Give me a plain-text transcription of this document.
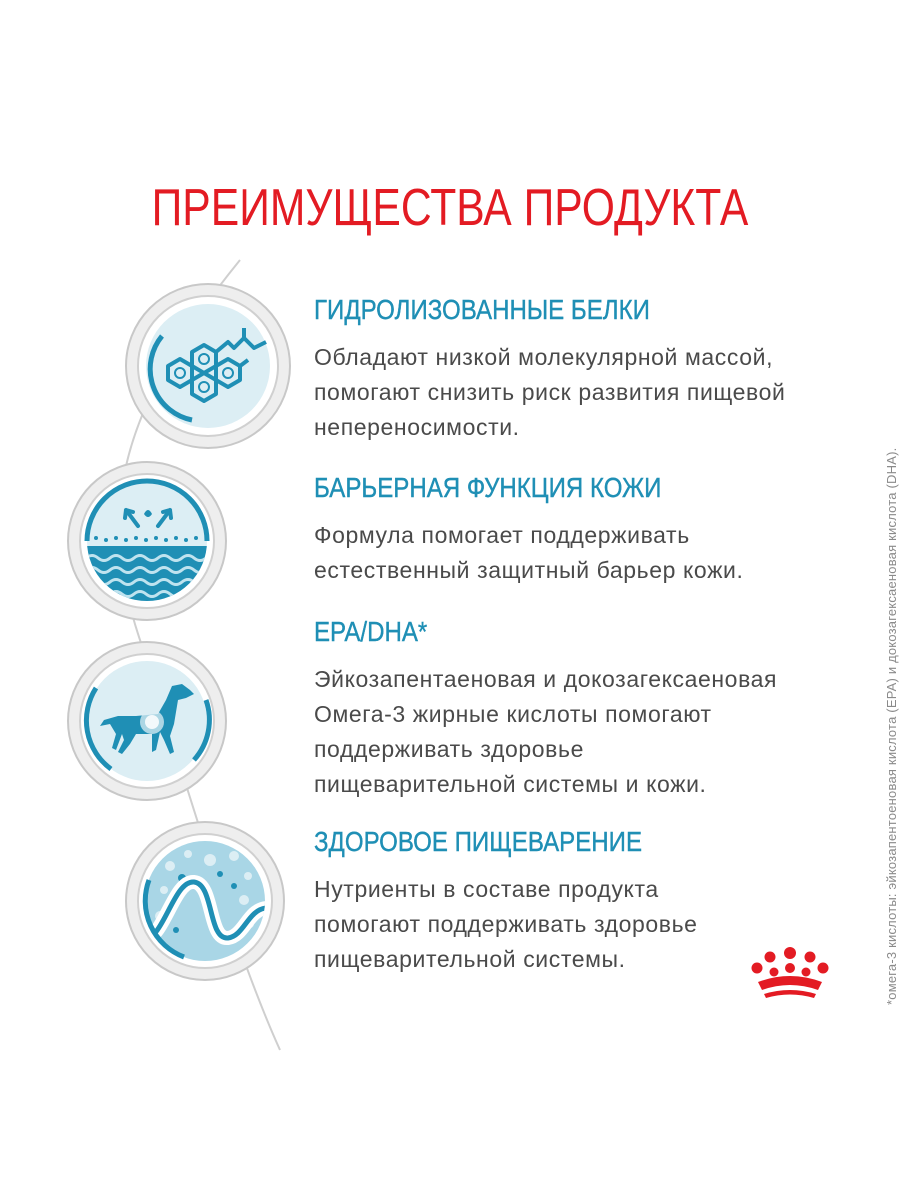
ПРЕИМУЩЕСТВА ПРОДУКТА
ГИДРОЛИЗОВАННЫЕ БЕЛКИ

Обладают низкой молекулярной массой,
помогают снизить риск развития пищевой
непереносимости.

БАРЬЕРНАЯ ФУНКЦИЯ КОЖИ

Формула помогает поддерживать
естественный защитный барьер кожи.

EPA/DHA*

Эйкозапентаеновая и докозагексаеновая
Омега-3 жирные кислоты помогают
поддерживать здоровье
пищеварительной системы и кожи.

ЗДОРОВОЕ ПИЩЕВАРЕНИЕ

Нутриенты в составе продукта
помогают поддерживать здоровье
пищеварительной системы.	*омега-3 кислоты: эйкозапентоеновая кислота (EPA) и докозагексаеновая кислота (DHA).
